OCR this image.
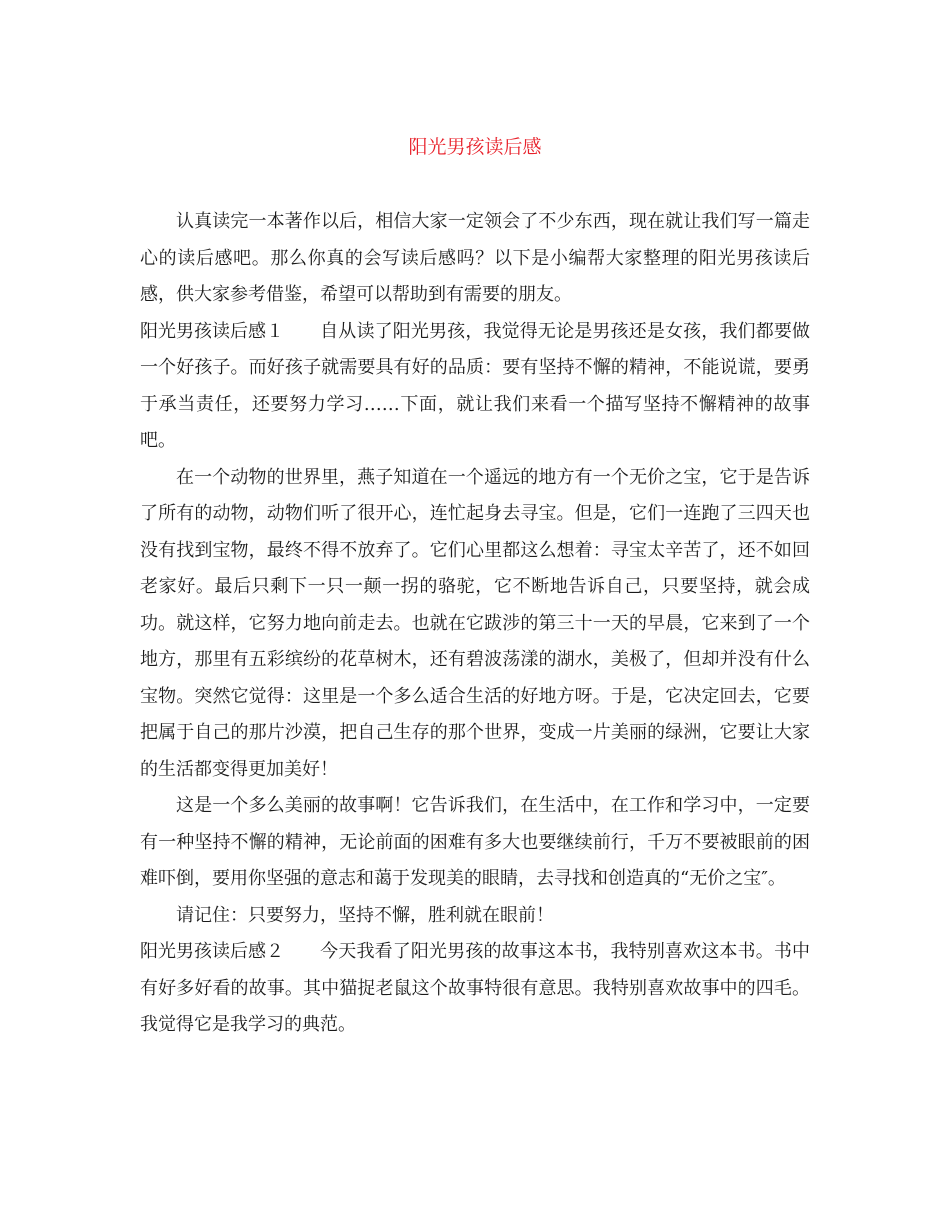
阳光男孩读后感

认真读完一本著作以后，相信大家一定领会了不少东西，现在就让我们写一篇走心的读后感吧。那么你真的会写读后感吗？以下是小编帮大家整理的阳光男孩读后感，供大家参考借鉴，希望可以帮助到有需要的朋友。

阳光男孩读后感１ 自从读了阳光男孩，我觉得无论是男孩还是女孩，我们都要做一个好孩子。而好孩子就需要具有好的品质：要有坚持不懈的精神，不能说谎，要勇于承当责任，还要努力学习……下面，就让我们来看一个描写坚持不懈精神的故事吧。

在一个动物的世界里，燕子知道在一个遥远的地方有一个无价之宝，它于是告诉了所有的动物，动物们听了很开心，连忙起身去寻宝。但是，它们一连跑了三四天也没有找到宝物，最终不得不放弃了。它们心里都这么想着：寻宝太辛苦了，还不如回老家好。最后只剩下一只一颠一拐的骆驼，它不断地告诉自己，只要坚持，就会成功。就这样，它努力地向前走去。也就在它跋涉的第三十一天的早晨，它来到了一个地方，那里有五彩缤纷的花草树木，还有碧波荡漾的湖水，美极了，但却并没有什么宝物。突然它觉得：这里是一个多么适合生活的好地方呀。于是，它决定回去，它要把属于自己的那片沙漠，把自己生存的那个世界，变成一片美丽的绿洲，它要让大家的生活都变得更加美好！

这是一个多么美丽的故事啊！它告诉我们，在生活中，在工作和学习中，一定要有一种坚持不懈的精神，无论前面的困难有多大也要继续前行，千万不要被眼前的困难吓倒，要用你坚强的意志和蔼于发现美的眼睛，去寻找和创造真的“无价之宝″。

请记住：只要努力，坚持不懈，胜利就在眼前！

阳光男孩读后感２ 今天我看了阳光男孩的故事这本书，我特别喜欢这本书。书中有好多好看的故事。其中猫捉老鼠这个故事特很有意思。我特别喜欢故事中的四毛。我觉得它是我学习的典范。
